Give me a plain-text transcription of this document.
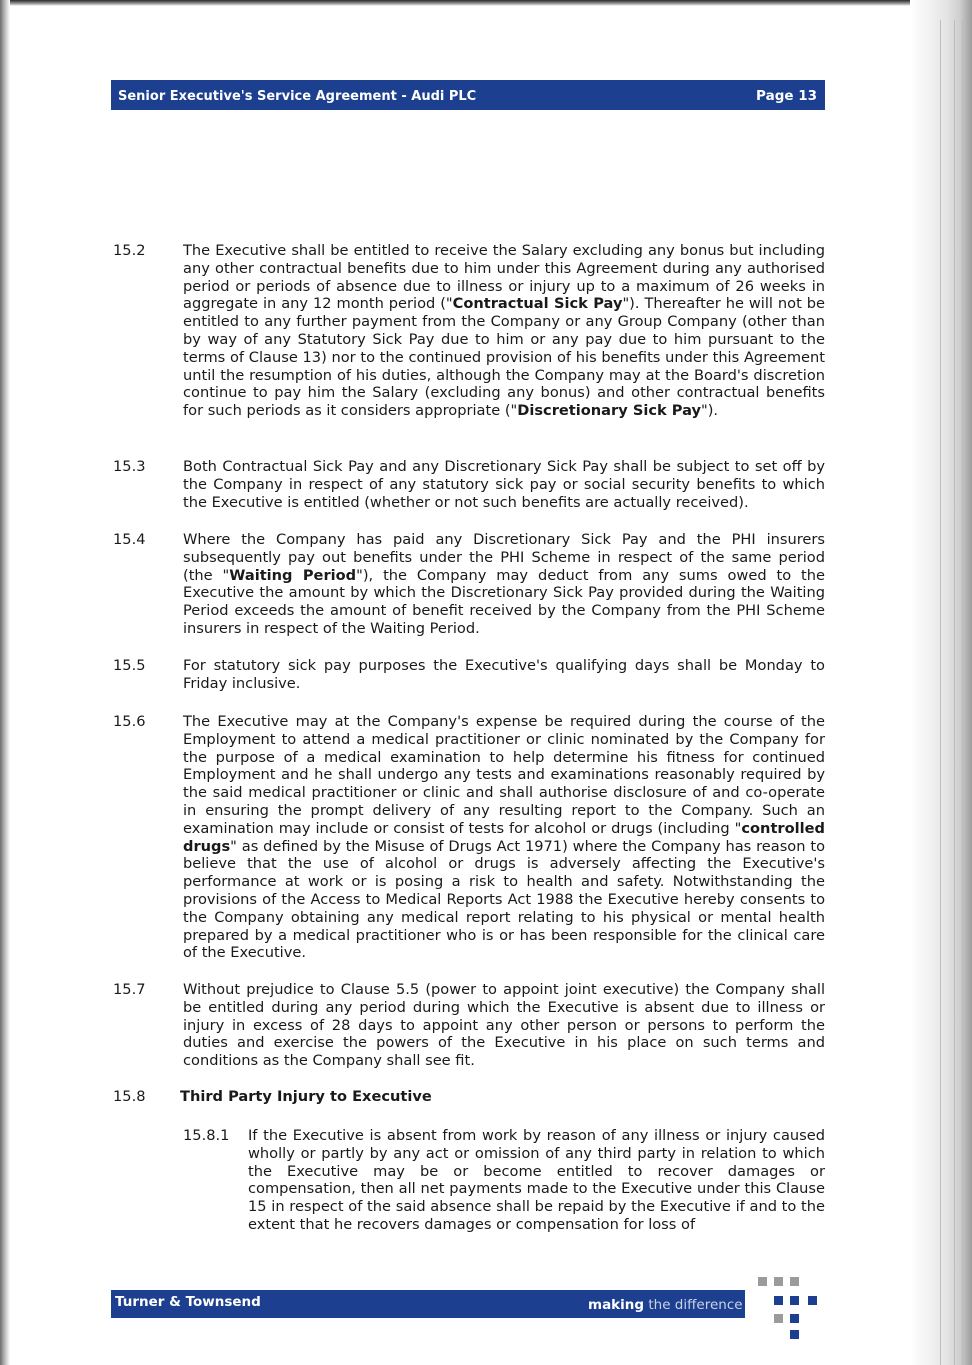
Senior Executive's Service Agreement - Audi PLC	Page 13
15.2	The Executive shall be entitled to receive the Salary excluding any bonus but including any other contractual benefits due to him under this Agreement during any authorised period or periods of absence due to illness or injury up to a maximum of 26 weeks in aggregate in any 12 month period ("Contractual Sick Pay"). Thereafter he will not be entitled to any further payment from the Company or any Group Company (other than by way of any Statutory Sick Pay due to him or any pay due to him pursuant to the terms of Clause 13) nor to the continued provision of his benefits under this Agreement until the resumption of his duties, although the Company may at the Board's discretion continue to pay him the Salary (excluding any bonus) and other contractual benefits for such periods as it considers appropriate ("Discretionary Sick Pay").
15.3	Both Contractual Sick Pay and any Discretionary Sick Pay shall be subject to set off by the Company in respect of any statutory sick pay or social security benefits to which the Executive is entitled (whether or not such benefits are actually received).
15.4	Where the Company has paid any Discretionary Sick Pay and the PHI insurers subsequently pay out benefits under the PHI Scheme in respect of the same period (the "Waiting Period"), the Company may deduct from any sums owed to the Executive the amount by which the Discretionary Sick Pay provided during the Waiting Period exceeds the amount of benefit received by the Company from the PHI Scheme insurers in respect of the Waiting Period.
15.5	For statutory sick pay purposes the Executive's qualifying days shall be Monday to Friday inclusive.
15.6	The Executive may at the Company's expense be required during the course of the Employment to attend a medical practitioner or clinic nominated by the Company for the purpose of a medical examination to help determine his fitness for continued Employment and he shall undergo any tests and examinations reasonably required by the said medical practitioner or clinic and shall authorise disclosure of and co-operate in ensuring the prompt delivery of any resulting report to the Company. Such an examination may include or consist of tests for alcohol or drugs (including "controlled drugs" as defined by the Misuse of Drugs Act 1971) where the Company has reason to believe that the use of alcohol or drugs is adversely affecting the Executive's performance at work or is posing a risk to health and safety. Notwithstanding the provisions of the Access to Medical Reports Act 1988 the Executive hereby consents to the Company obtaining any medical report relating to his physical or mental health prepared by a medical practitioner who is or has been responsible for the clinical care of the Executive.
15.7	Without prejudice to Clause 5.5 (power to appoint joint executive) the Company shall be entitled during any period during which the Executive is absent due to illness or injury in excess of 28 days to appoint any other person or persons to perform the duties and exercise the powers of the Executive in his place on such terms and conditions as the Company shall see fit.
15.8 Third Party Injury to Executive
15.8.1 If the Executive is absent from work by reason of any illness or injury caused wholly or partly by any act or omission of any third party in relation to which the Executive may be or become entitled to recover damages or compensation, then all net payments made to the Executive under this Clause 15 in respect of the said absence shall be repaid by the Executive if and to the extent that he recovers damages or compensation for loss of
Turner & Townsend	making the difference
